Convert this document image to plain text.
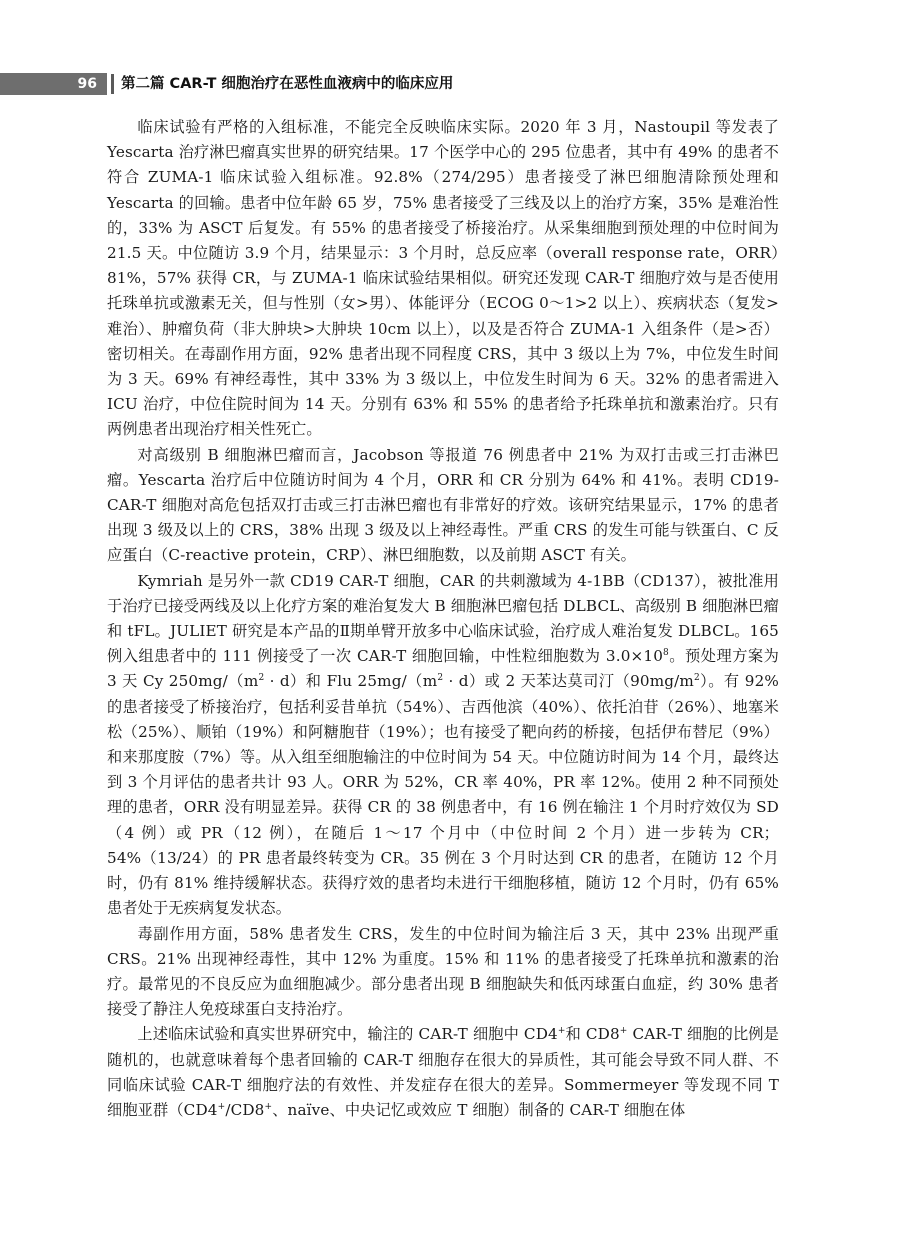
96	第二篇 CAR-T 细胞治疗在恶性血液病中的临床应用

临床试验有严格的入组标准，不能完全反映临床实际。2020 年 3 月，Nastoupil 等发表了 Yescarta 治疗淋巴瘤真实世界的研究结果。17 个医学中心的 295 位患者，其中有 49% 的患者不符合 ZUMA-1 临床试验入组标准。92.8%（274/295）患者接受了淋巴细胞清除预处理和 Yescarta 的回输。患者中位年龄 65 岁，75% 患者接受了三线及以上的治疗方案，35% 是难治性的，33% 为 ASCT 后复发。有 55% 的患者接受了桥接治疗。从采集细胞到预处理的中位时间为 21.5 天。中位随访 3.9 个月，结果显示：3 个月时，总反应率（overall response rate，ORR）81%，57% 获得 CR，与 ZUMA-1 临床试验结果相似。研究还发现 CAR-T 细胞疗效与是否使用托珠单抗或激素无关，但与性别（女>男）、体能评分（ECOG 0～1>2 以上）、疾病状态（复发>难治）、肿瘤负荷（非大肿块>大肿块 10cm 以上），以及是否符合 ZUMA-1 入组条件（是>否）密切相关。在毒副作用方面，92% 患者出现不同程度 CRS，其中 3 级以上为 7%，中位发生时间为 3 天。69% 有神经毒性，其中 33% 为 3 级以上，中位发生时间为 6 天。32% 的患者需进入 ICU 治疗，中位住院时间为 14 天。分别有 63% 和 55% 的患者给予托珠单抗和激素治疗。只有两例患者出现治疗相关性死亡。

对高级别 B 细胞淋巴瘤而言，Jacobson 等报道 76 例患者中 21% 为双打击或三打击淋巴瘤。Yescarta 治疗后中位随访时间为 4 个月，ORR 和 CR 分别为 64% 和 41%。表明 CD19-CAR-T 细胞对高危包括双打击或三打击淋巴瘤也有非常好的疗效。该研究结果显示，17% 的患者出现 3 级及以上的 CRS，38% 出现 3 级及以上神经毒性。严重 CRS 的发生可能与铁蛋白、C 反应蛋白（C-reactive protein，CRP）、淋巴细胞数，以及前期 ASCT 有关。

Kymriah 是另外一款 CD19 CAR-T 细胞，CAR 的共刺激域为 4-1BB（CD137），被批准用于治疗已接受两线及以上化疗方案的难治复发大 B 细胞淋巴瘤包括 DLBCL、高级别 B 细胞淋巴瘤和 tFL。JULIET 研究是本产品的Ⅱ期单臂开放多中心临床试验，治疗成人难治复发 DLBCL。165 例入组患者中的 111 例接受了一次 CAR-T 细胞回输，中性粒细胞数为 $3.0\times 10^8$。预处理方案为 3 天 Cy $250mg/(m^2 \cdot d)$和 Flu $25mg/(m^2 \cdot d)$或 2 天苯达莫司汀$(90mg/m^2)$。有 92% 的患者接受了桥接治疗，包括利妥昔单抗（54%）、吉西他滨（40%）、依托泊苷（26%）、地塞米松（25%）、顺铂（19%）和阿糖胞苷（19%）；也有接受了靶向药的桥接，包括伊布替尼（9%）和来那度胺（7%）等。从入组至细胞输注的中位时间为 54 天。中位随访时间为 14 个月，最终达到 3 个月评估的患者共计 93 人。ORR 为 52%，CR 率 40%，PR 率 12%。使用 2 种不同预处理的患者，ORR 没有明显差异。获得 CR 的 38 例患者中，有 16 例在输注 1 个月时疗效仅为 SD（4 例）或 PR（12 例），在随后 1～17 个月中（中位时间 2 个月）进一步转为 CR；54%（13/24）的 PR 患者最终转变为 CR。35 例在 3 个月时达到 CR 的患者，在随访 12 个月时，仍有 81% 维持缓解状态。获得疗效的患者均未进行干细胞移植，随访 12 个月时，仍有 65% 患者处于无疾病复发状态。

毒副作用方面，58% 患者发生 CRS，发生的中位时间为输注后 3 天，其中 23% 出现严重 CRS。21% 出现神经毒性，其中 12% 为重度。15% 和 11% 的患者接受了托珠单抗和激素的治疗。最常见的不良反应为血细胞减少。部分患者出现 B 细胞缺失和低丙球蛋白血症，约 30% 患者接受了静注人免疫球蛋白支持治疗。

上述临床试验和真实世界研究中，输注的 CAR-T 细胞中 CD4+和 CD8+ CAR-T 细胞的比例是随机的，也就意味着每个患者回输的 CAR-T 细胞存在很大的异质性，其可能会导致不同人群、不同临床试验 CAR-T 细胞疗法的有效性、并发症存在很大的差异。Sommermeyer 等发现不同 T 细胞亚群（CD4+/CD8+、naïve、中央记忆或效应 T 细胞）制备的 CAR-T 细胞在体
